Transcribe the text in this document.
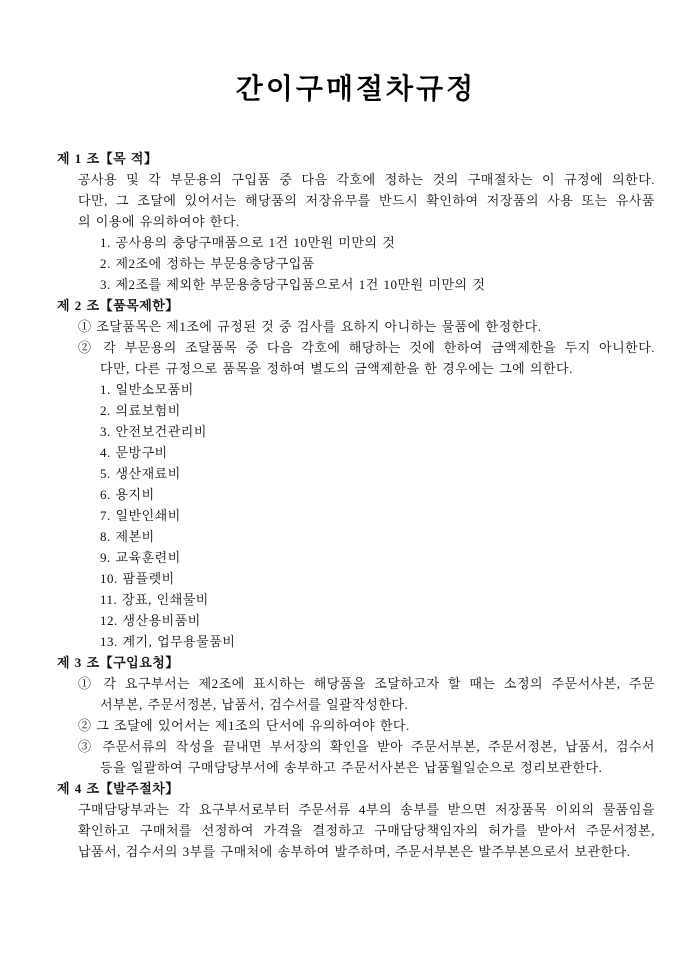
간이구매절차규정
제 1 조【목 적】
공사용 및 각 부문용의 구입품 중 다음 각호에 정하는 것의 구매절차는 이 규정에 의한다.
다만, 그 조달에 있어서는 해당품의 저장유무를 반드시 확인하여 저장품의 사용 또는 유사품
의 이용에 유의하여야 한다.
1. 공사용의 충당구매품으로 1건 10만원 미만의 것
2. 제2조에 정하는 부문용충당구입품
3. 제2조를 제외한 부문용충당구입품으로서 1건 10만원 미만의 것
제 2 조【품목제한】
① 조달품목은 제1조에 규정된 것 중 검사를 요하지 아니하는 물품에 한정한다.
② 각 부문용의 조달품목 중 다음 각호에 해당하는 것에 한하여 금액제한을 두지 아니한다.
다만, 다른 규정으로 품목을 정하여 별도의 금액제한을 한 경우에는 그에 의한다.
1. 일반소모품비
2. 의료보험비
3. 안전보건관리비
4. 문방구비
5. 생산재료비
6. 용지비
7. 일반인쇄비
8. 제본비
9. 교육훈련비
10. 팜플렛비
11. 장표, 인쇄물비
12. 생산용비품비
13. 계기, 업무용물품비
제 3 조【구입요청】
① 각 요구부서는 제2조에 표시하는 해당품을 조달하고자 할 때는 소정의 주문서사본, 주문
서부본, 주문서정본, 납품서, 검수서를 일괄작성한다.
② 그 조달에 있어서는 제1조의 단서에 유의하여야 한다.
③ 주문서류의 작성을 끝내면 부서장의 확인을 받아 주문서부본, 주문서정본, 납품서, 검수서
등을 일괄하여 구매담당부서에 송부하고 주문서사본은 납품월일순으로 정리보관한다.
제 4 조【발주절차】
구매담당부과는 각 요구부서로부터 주문서류 4부의 송부를 받으면 저장품목 이외의 물품임을
확인하고 구매처를 선정하여 가격을 결정하고 구매담당책임자의 허가를 받아서 주문서정본,
납품서, 검수서의 3부를 구매처에 송부하여 발주하며, 주문서부본은 발주부본으로서 보관한다.
